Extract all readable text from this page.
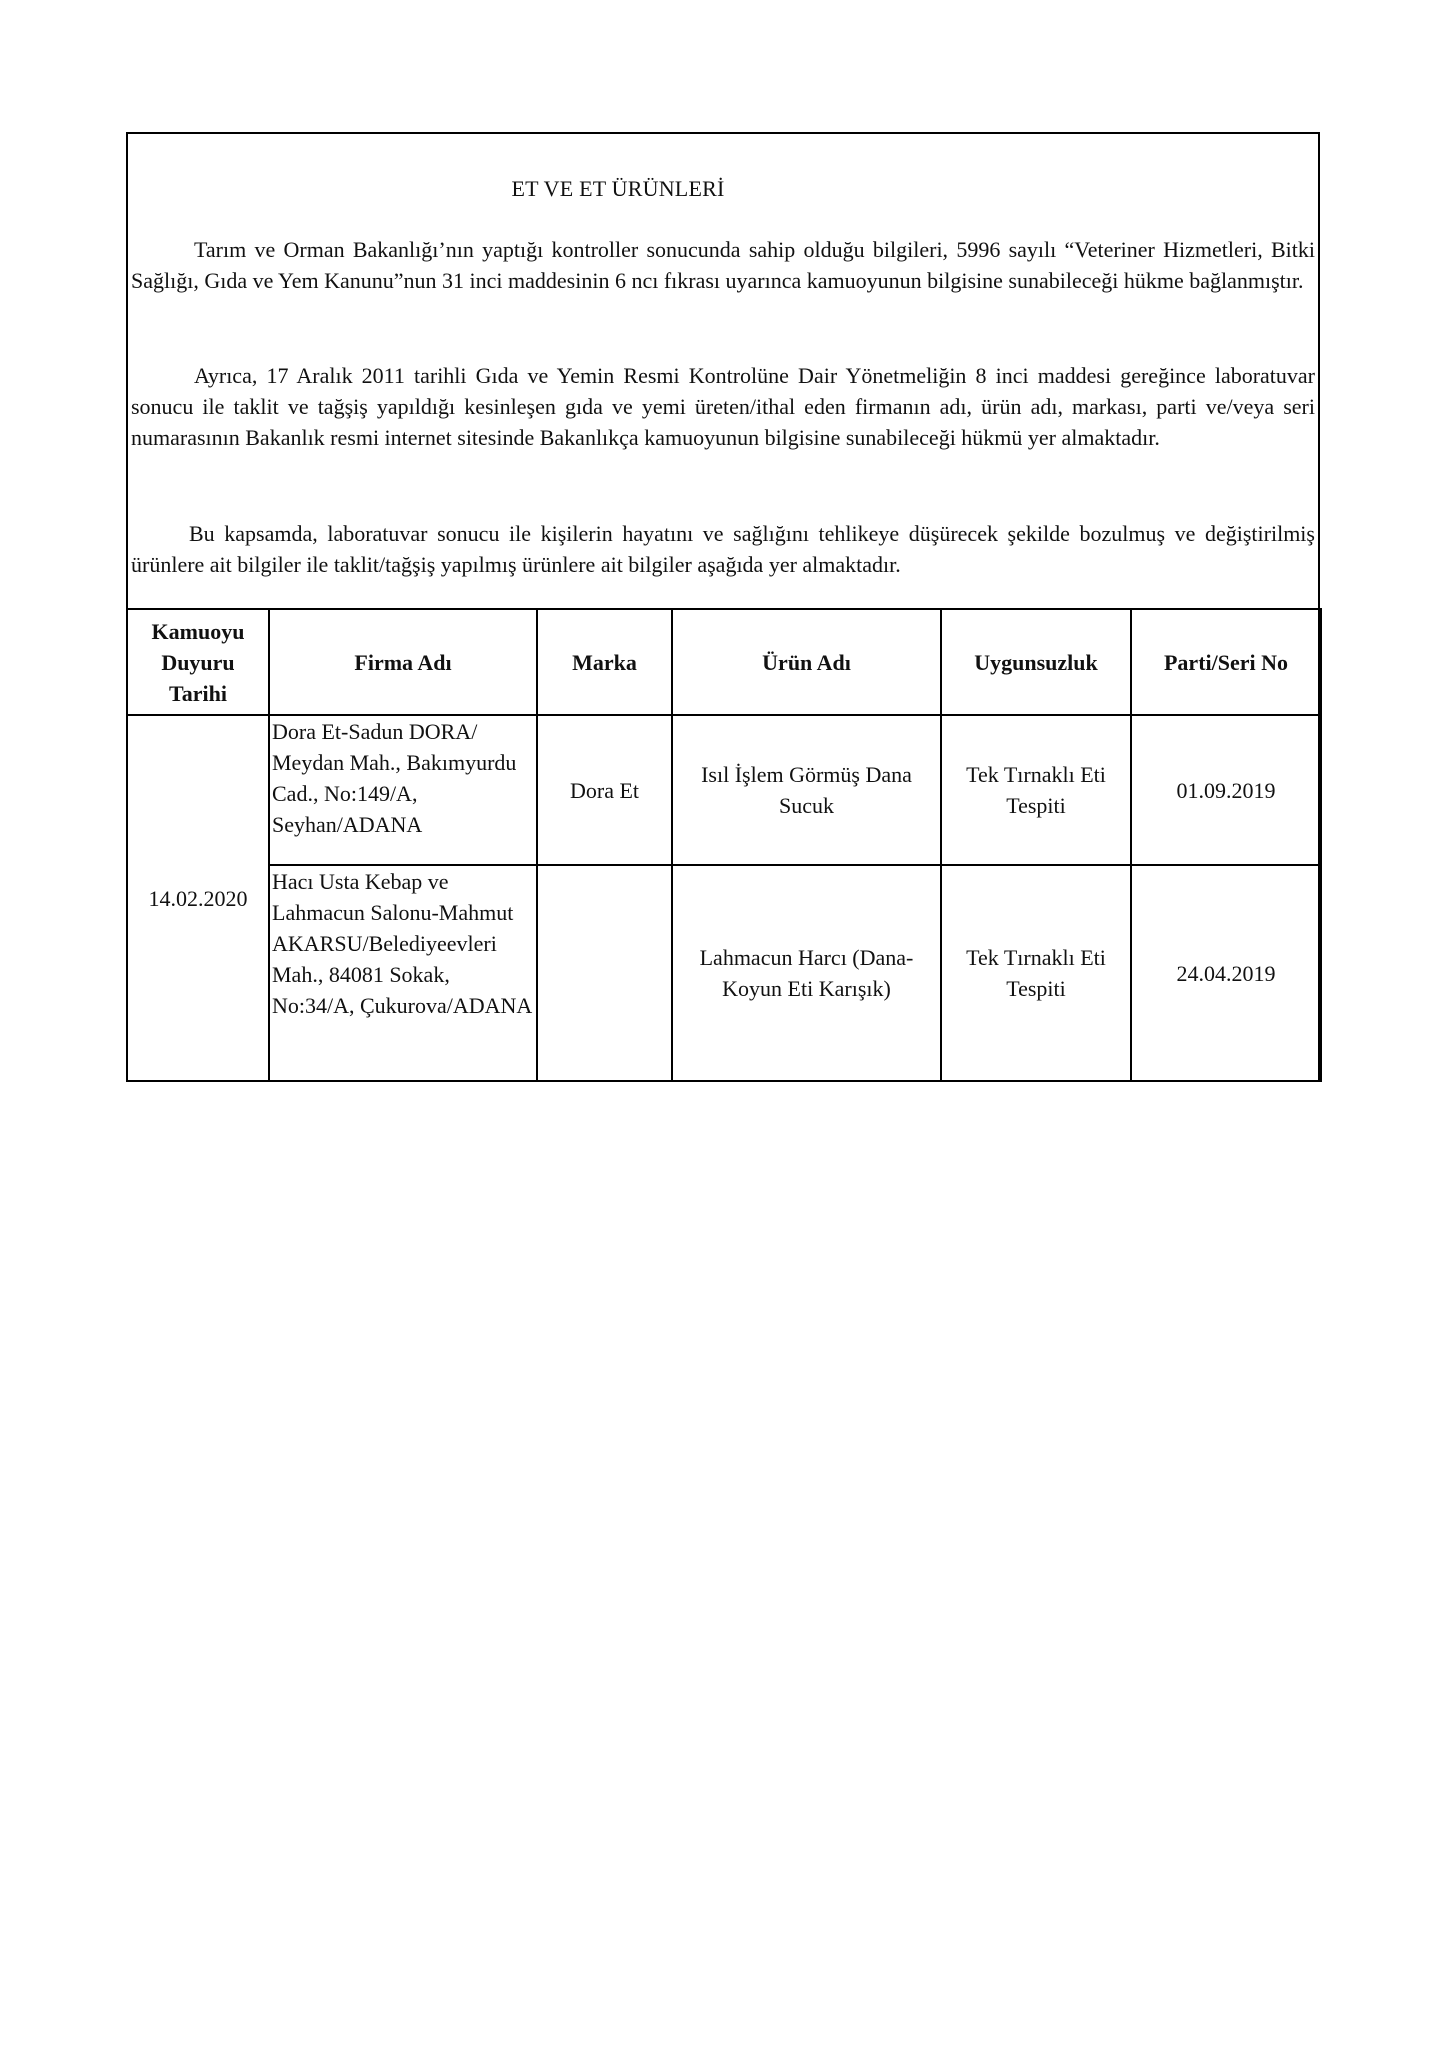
ET VE ET ÜRÜNLERİ
Tarım ve Orman Bakanlığı’nın yaptığı kontroller sonucunda sahip olduğu bilgileri, 5996 sayılı “Veteriner Hizmetleri, Bitki Sağlığı, Gıda ve Yem Kanunu”nun 31 inci maddesinin 6 ncı fıkrası uyarınca kamuoyunun bilgisine sunabileceği hükme bağlanmıştır.
Ayrıca, 17 Aralık 2011 tarihli Gıda ve Yemin Resmi Kontrolüne Dair Yönetmeliğin 8 inci maddesi gereğince laboratuvar sonucu ile taklit ve tağşiş yapıldığı kesinleşen gıda ve yemi üreten/ithal eden firmanın adı, ürün adı, markası, parti ve/veya seri numarasının Bakanlık resmi internet sitesinde Bakanlıkça kamuoyunun bilgisine sunabileceği hükmü yer almaktadır.
Bu kapsamda, laboratuvar sonucu ile kişilerin hayatını ve sağlığını tehlikeye düşürecek şekilde bozulmuş ve değiştirilmiş ürünlere ait bilgiler ile taklit/tağşiş yapılmış ürünlere ait bilgiler aşağıda yer almaktadır.
Kamuoyu Duyuru Tarihi	Firma Adı	Marka	Ürün Adı	Uygunsuzluk	Parti/Seri No
14.02.2020	Dora Et-Sadun DORA/ Meydan Mah., Bakımyurdu Cad., No:149/A, Seyhan/ADANA	Dora Et	Isıl İşlem Görmüş Dana Sucuk	Tek Tırnaklı Eti Tespiti	01.09.2019
	Hacı Usta Kebap ve Lahmacun Salonu-Mahmut AKARSU/Belediyeevleri Mah., 84081 Sokak, No:34/A, Çukurova/ADANA		Lahmacun Harcı (Dana-Koyun Eti Karışık)	Tek Tırnaklı Eti Tespiti	24.04.2019
